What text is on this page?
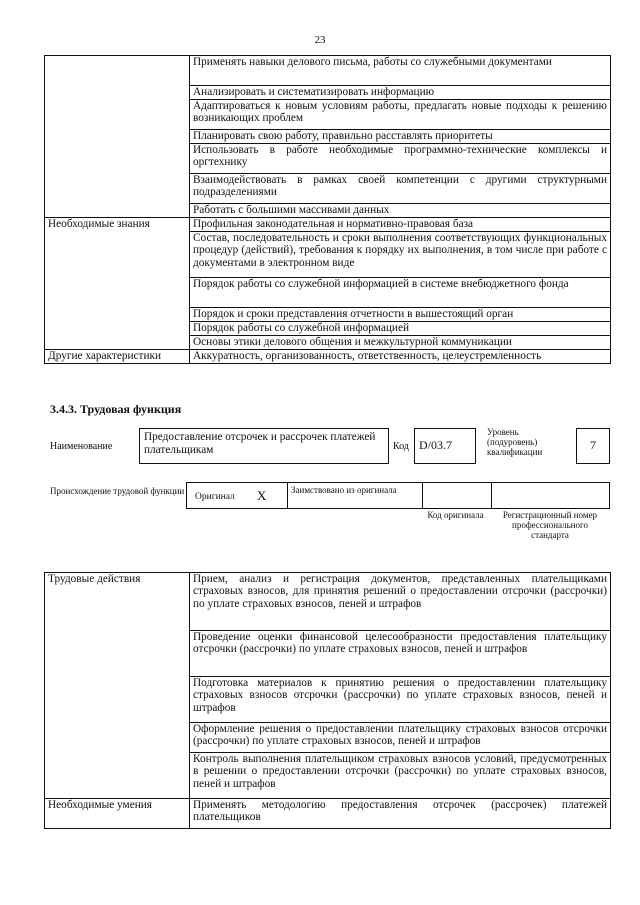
23
	Применять навыки делового письма, работы со служебными документами
	Анализировать и систематизировать информацию
	Адаптироваться к новым условиям работы, предлагать новые подходы к решению возникающих проблем
	Планировать свою работу, правильно расставлять приоритеты
	Использовать в работе необходимые программно-технические комплексы и оргтехнику
	Взаимодействовать в рамках своей компетенции с другими структурными подразделениями
	Работать с большими массивами данных
Необходимые знания	Профильная законодательная и нормативно-правовая база
	Состав, последовательность и сроки выполнения соответствующих функциональных процедур (действий), требования к порядку их выполнения, в том числе при работе с документами в электронном виде
	Порядок работы со служебной информацией в системе внебюджетного фонда
	Порядок и сроки представления отчетности в вышестоящий орган
	Порядок работы со служебной информацией
	Основы этики делового общения и межкультурной коммуникации
Другие характеристики	Аккуратность, организованность, ответственность, целеустремленность
3.4.3. Трудовая функция
Наименование
Предоставление отсрочек и рассрочек платежей плательщикам	Код D/03.7
Уровень (подуровень) квалификации	7
Происхождение трудовой функции
Оригинал X	Заимствовано из оригинала
Код оригинала	Регистрационный номер профессионального стандарта
Трудовые действия	Прием, анализ и регистрация документов, представленных плательщиками страховых взносов, для принятия решений о предоставлении отсрочки (рассрочки) по уплате страховых взносов, пеней и штрафов
	Проведение оценки финансовой целесообразности предоставления плательщику отсрочки (рассрочки) по уплате страховых взносов, пеней и штрафов
	Подготовка материалов к принятию решения о предоставлении плательщику страховых взносов отсрочки (рассрочки) по уплате страховых взносов, пеней и штрафов
	Оформление решения о предоставлении плательщику страховых взносов отсрочки (рассрочки) по уплате страховых взносов, пеней и штрафов
	Контроль выполнения плательщиком страховых взносов условий, предусмотренных в решении о предоставлении отсрочки (рассрочки) по уплате страховых взносов, пеней и штрафов
Необходимые умения	Применять методологию предоставления отсрочек (рассрочек) платежей плательщиков
